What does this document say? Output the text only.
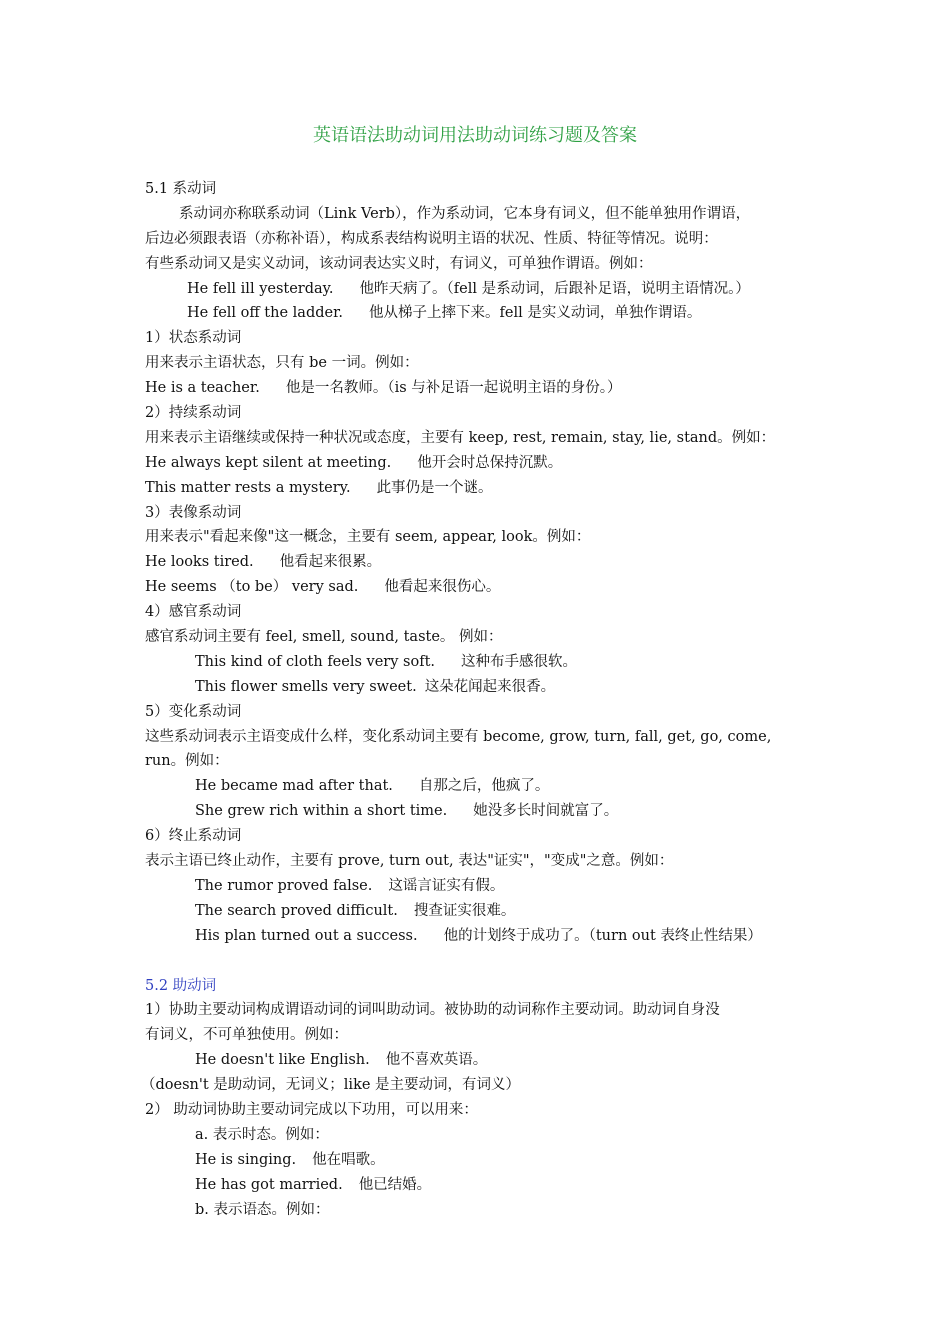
英语语法助动词用法助动词练习题及答案
5.1 系动词
系动词亦称联系动词（Link Verb），作为系动词，它本身有词义，但不能单独用作谓语，
后边必须跟表语（亦称补语），构成系表结构说明主语的状况、性质、特征等情况。说明：
有些系动词又是实义动词，该动词表达实义时，有词义，可单独作谓语。例如：
He fell ill yesterday. 他昨天病了。（fell 是系动词，后跟补足语，说明主语情况。）
He fell off the ladder. 他从梯子上摔下来。fell 是实义动词，单独作谓语。
1）状态系动词
用来表示主语状态，只有 be 一词。例如：
He is a teacher. 他是一名教师。（is 与补足语一起说明主语的身份。）
2）持续系动词
用来表示主语继续或保持一种状况或态度，主要有 keep, rest, remain, stay, lie, stand。例如：
He always kept silent at meeting. 他开会时总保持沉默。
This matter rests a mystery. 此事仍是一个谜。
3）表像系动词
用来表示"看起来像"这一概念，主要有 seem, appear, look。例如：
He looks tired. 他看起来很累。
He seems （to be） very sad. 他看起来很伤心。
4）感官系动词
感官系动词主要有 feel, smell, sound, taste。 例如：
This kind of cloth feels very soft. 这种布手感很软。
This flower smells very sweet. 这朵花闻起来很香。
5）变化系动词
这些系动词表示主语变成什么样，变化系动词主要有 become, grow, turn, fall, get, go, come,
run。例如：
He became mad after that. 自那之后，他疯了。
She grew rich within a short time. 她没多长时间就富了。
6）终止系动词
表示主语已终止动作，主要有 prove, turn out, 表达"证实"，"变成"之意。例如：
The rumor proved false. 这谣言证实有假。
The search proved difficult. 搜查证实很难。
His plan turned out a success. 他的计划终于成功了。（turn out 表终止性结果）
5.2 助动词
1）协助主要动词构成谓语动词的词叫助动词。被协助的动词称作主要动词。助动词自身没
有词义，不可单独使用。例如：
He doesn't like English. 他不喜欢英语。
（doesn't 是助动词，无词义；like 是主要动词，有词义）
2） 助动词协助主要动词完成以下功用，可以用来：
a. 表示时态。例如：
He is singing. 他在唱歌。
He has got married. 他已结婚。
b. 表示语态。例如：
